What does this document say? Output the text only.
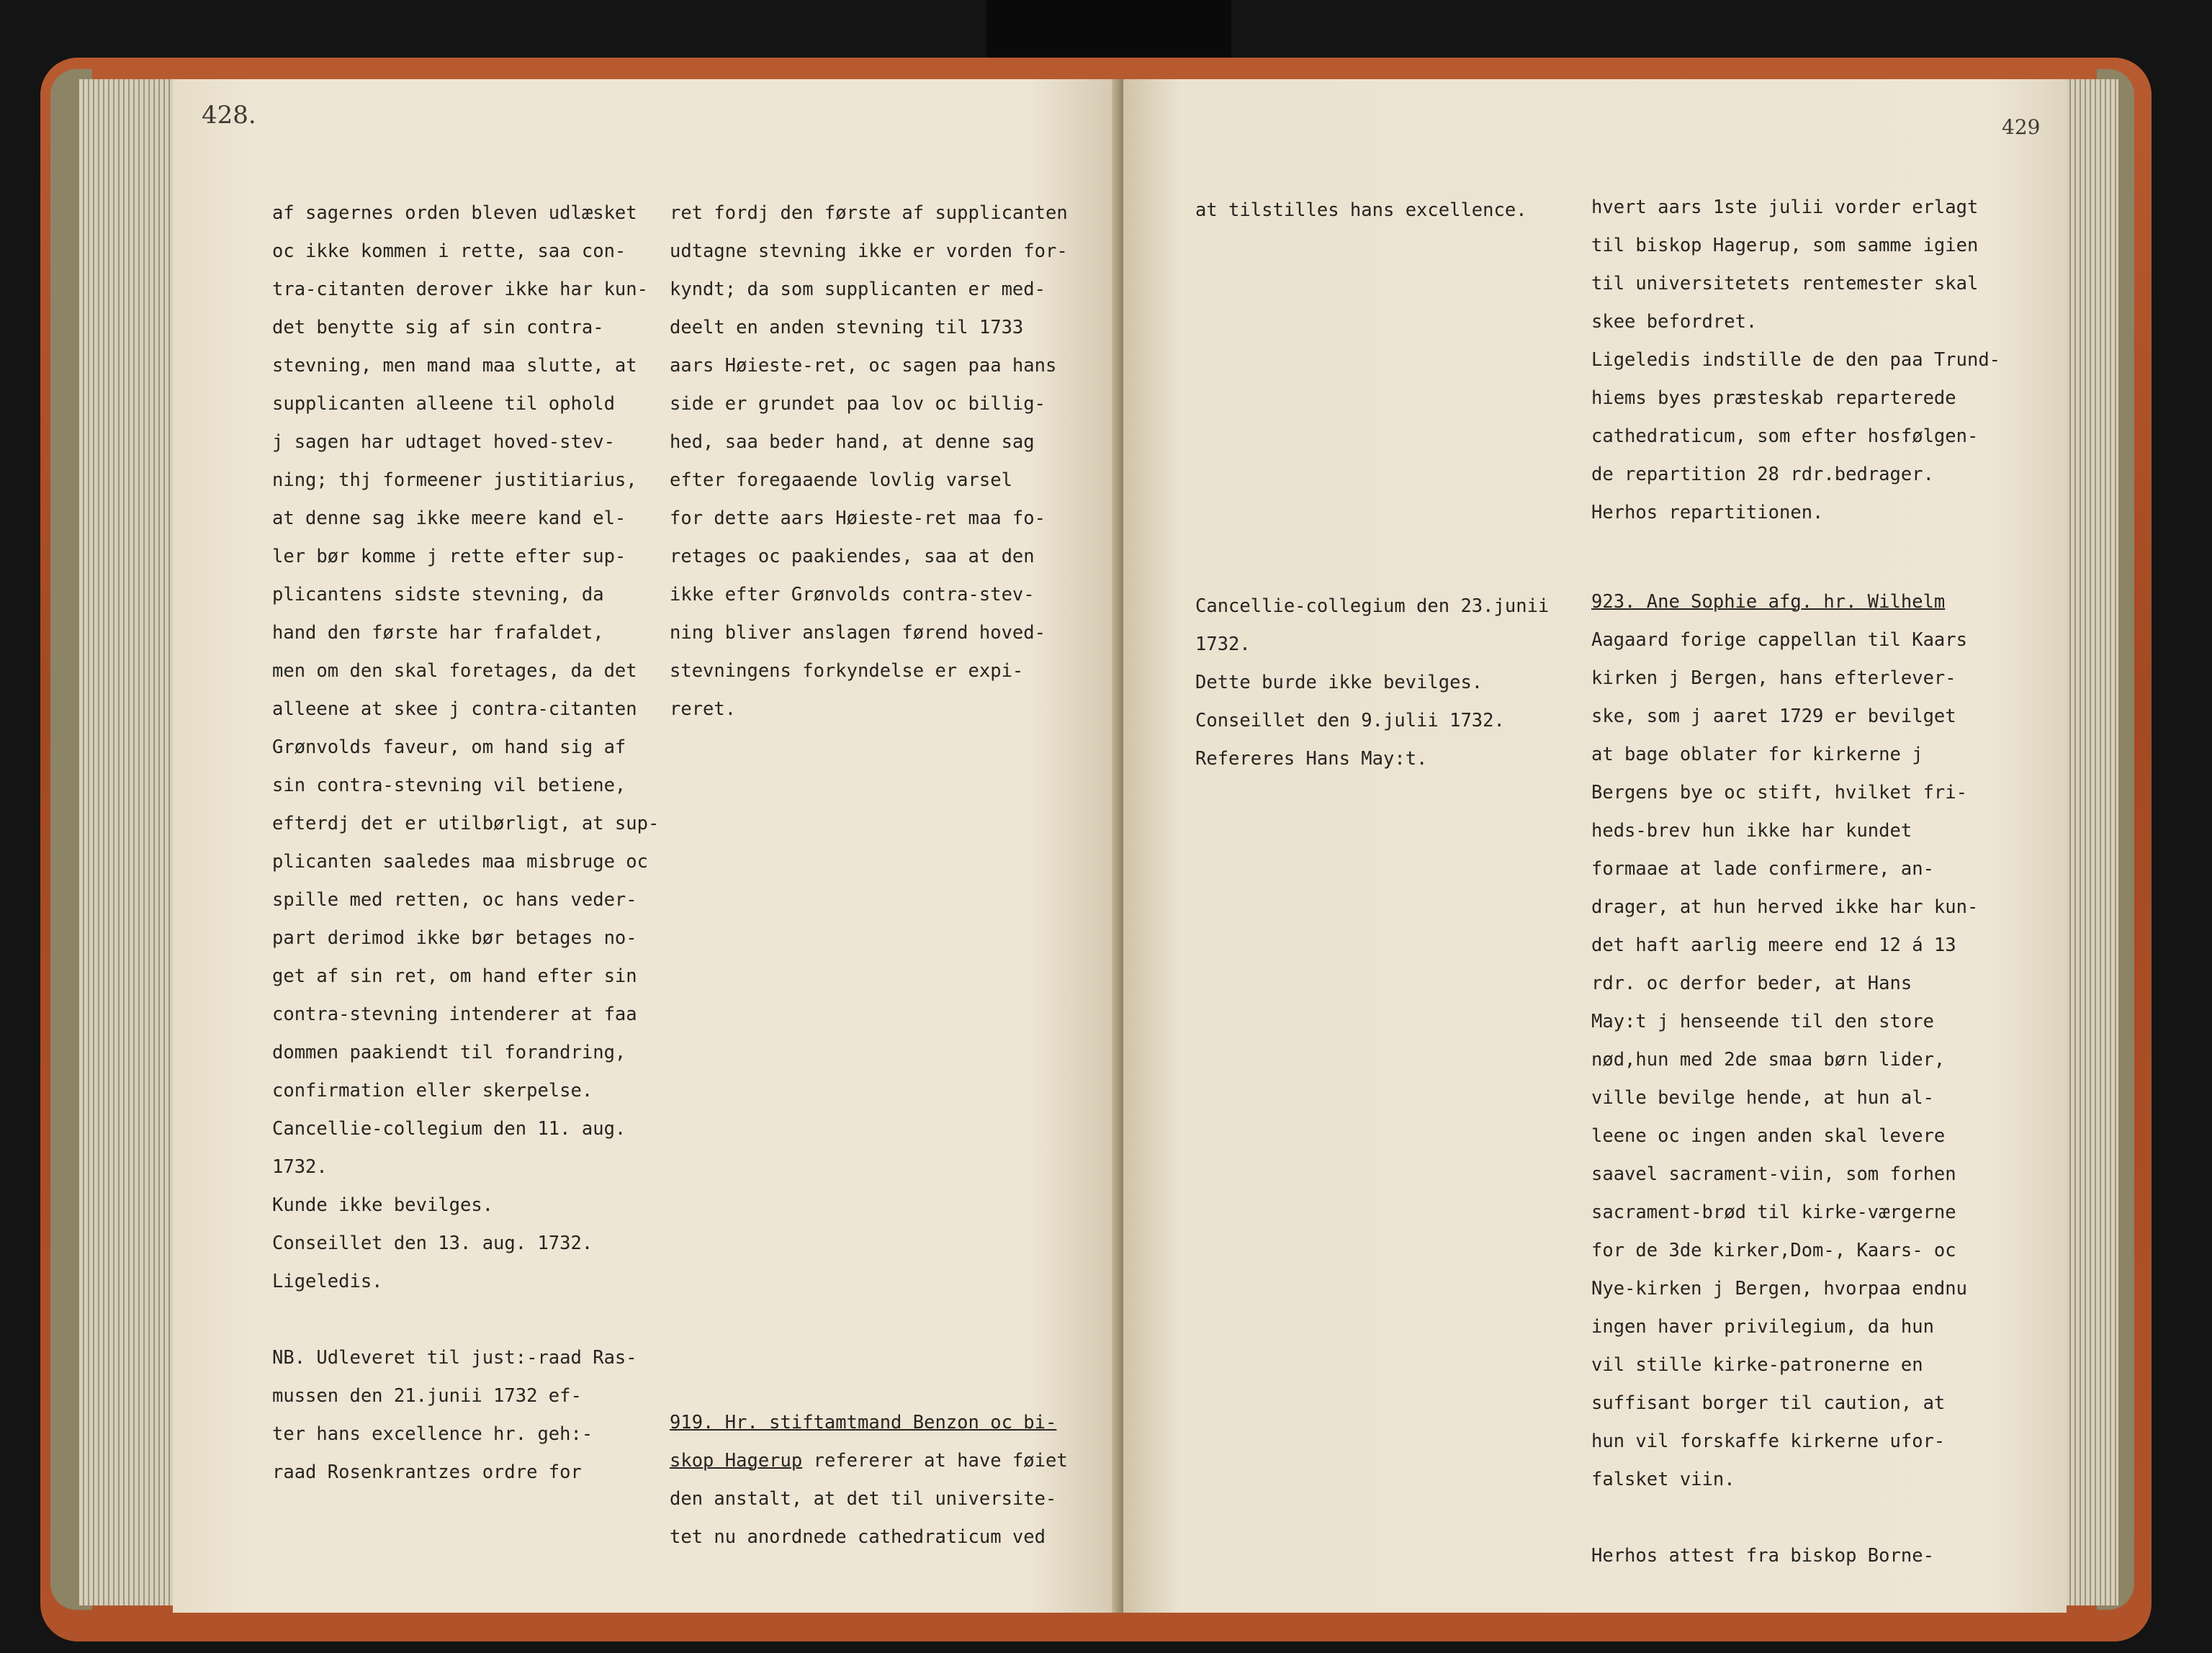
428.
af sagernes orden bleven udlæsket
oc ikke kommen i rette, saa con-
tra-citanten derover ikke har kun-
det benytte sig af sin contra-
stevning, men mand maa slutte, at
supplicanten alleene til ophold
j sagen har udtaget hoved-stev-
ning; thj formeener justitiarius,
at denne sag ikke meere kand el-
ler bør komme j rette efter sup-
plicantens sidste stevning, da
hand den første har frafaldet,
men om den skal foretages, da det
alleene at skee j contra-citanten
Grønvolds faveur, om hand sig af
sin contra-stevning vil betiene,
efterdj det er utilbørligt, at sup-
plicanten saaledes maa misbruge oc
spille med retten, oc hans veder-
part derimod ikke bør betages no-
get af sin ret, om hand efter sin
contra-stevning intenderer at faa
dommen paakiendt til forandring,
confirmation eller skerpelse.
Cancellie-collegium den 11. aug.
1732.
Kunde ikke bevilges.
Conseillet den 13. aug. 1732.
Ligeledis.
NB. Udleveret til just:-raad Ras-
mussen den 21.junii 1732 ef-
ter hans excellence hr. geh:-
raad Rosenkrantzes ordre for
ret fordj den første af supplicanten
udtagne stevning ikke er vorden for-
kyndt; da som supplicanten er med-
deelt en anden stevning til 1733
aars Høieste-ret, oc sagen paa hans
side er grundet paa lov oc billig-
hed, saa beder hand, at denne sag
efter foregaaende lovlig varsel
for dette aars Høieste-ret maa fo-
retages oc paakiendes, saa at den
ikke efter Grønvolds contra-stev-
ning bliver anslagen førend hoved-
stevningens forkyndelse er expi-
reret.
919. Hr. stiftamtmand Benzon oc bi-
skop Hagerup refererer at have føiet
den anstalt, at det til universite-
tet nu anordnede cathedraticum ved
429
at tilstilles hans excellence.
Cancellie-collegium den 23.junii
1732.
Dette burde ikke bevilges.
Conseillet den 9.julii 1732.
Refereres Hans May:t.
hvert aars 1ste julii vorder erlagt
til biskop Hagerup, som samme igien
til universitetets rentemester skal
skee befordret.
Ligeledis indstille de den paa Trund-
hiems byes præsteskab reparterede
cathedraticum, som efter hosfølgen-
de repartition 28 rdr.bedrager.
Herhos repartitionen.
923. Ane Sophie afg. hr. Wilhelm
Aagaard forige cappellan til Kaars
kirken j Bergen, hans efterlever-
ske, som j aaret 1729 er bevilget
at bage oblater for kirkerne j
Bergens bye oc stift, hvilket fri-
heds-brev hun ikke har kundet
formaae at lade confirmere, an-
drager, at hun herved ikke har kun-
det haft aarlig meere end 12 á 13
rdr. oc derfor beder, at Hans
May:t j henseende til den store
nød,hun med 2de smaa børn lider,
ville bevilge hende, at hun al-
leene oc ingen anden skal levere
saavel sacrament-viin, som forhen
sacrament-brød til kirke-værgerne
for de 3de kirker,Dom-, Kaars- oc
Nye-kirken j Bergen, hvorpaa endnu
ingen haver privilegium, da hun
vil stille kirke-patronerne en
suffisant borger til caution, at
hun vil forskaffe kirkerne ufor-
falsket viin.
Herhos attest fra biskop Borne-
